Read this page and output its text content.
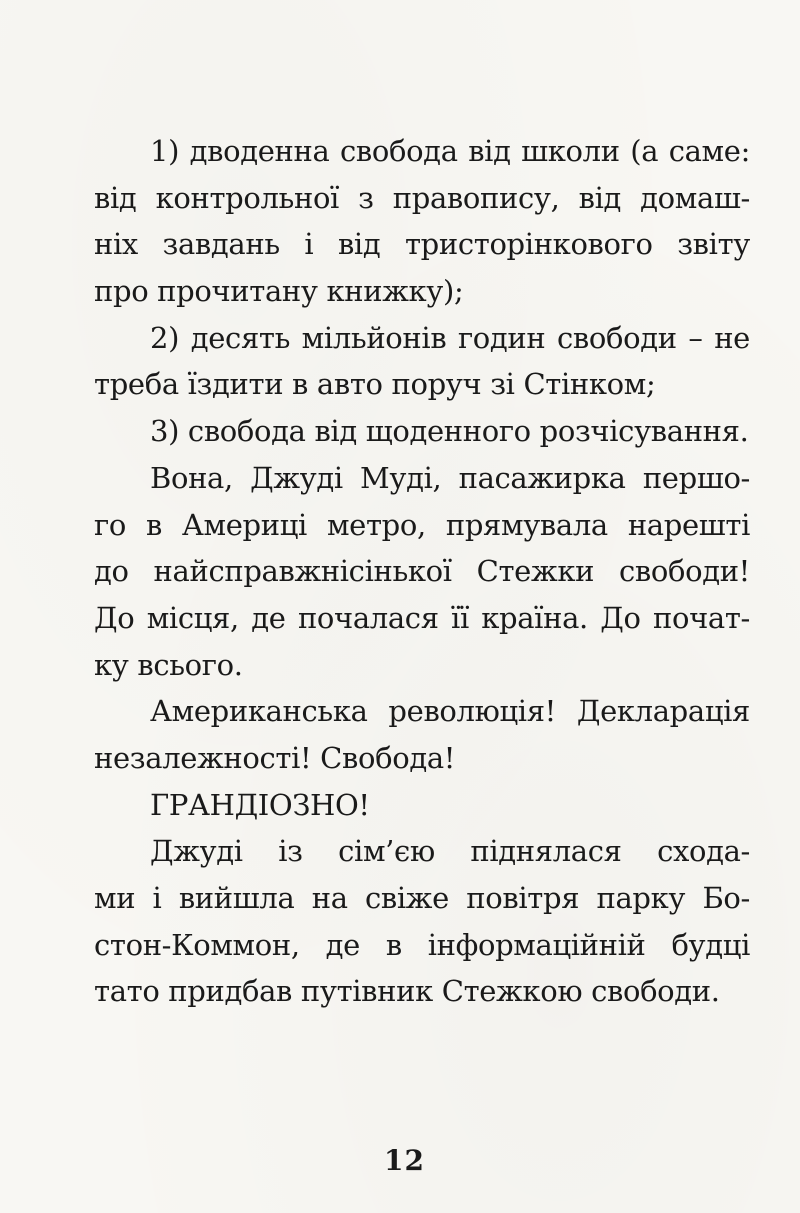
1) дводенна свобода від школи (а саме:
від контрольної з правопису, від домаш-
ніх завдань і від тристорінкового звіту
про прочитану книжку);
2) десять мільйонів годин свободи – не
треба їздити в авто поруч зі Стінком;
3) свобода від щоденного розчісування.
Вона, Джуді Муді, пасажирка першо-
го в Америці метро, прямувала нарешті
до найсправжнісінької Стежки свободи!
До місця, де почалася її країна. До почат-
ку всього.
Американська революція! Декларація
незалежності! Свобода!
ГРАНДІОЗНО!
Джуді із сім’єю піднялася схода-
ми і вийшла на свіже повітря парку Бо-
стон-Коммон, де в інформаційній будці
тато придбав путівник Стежкою свободи.
12
